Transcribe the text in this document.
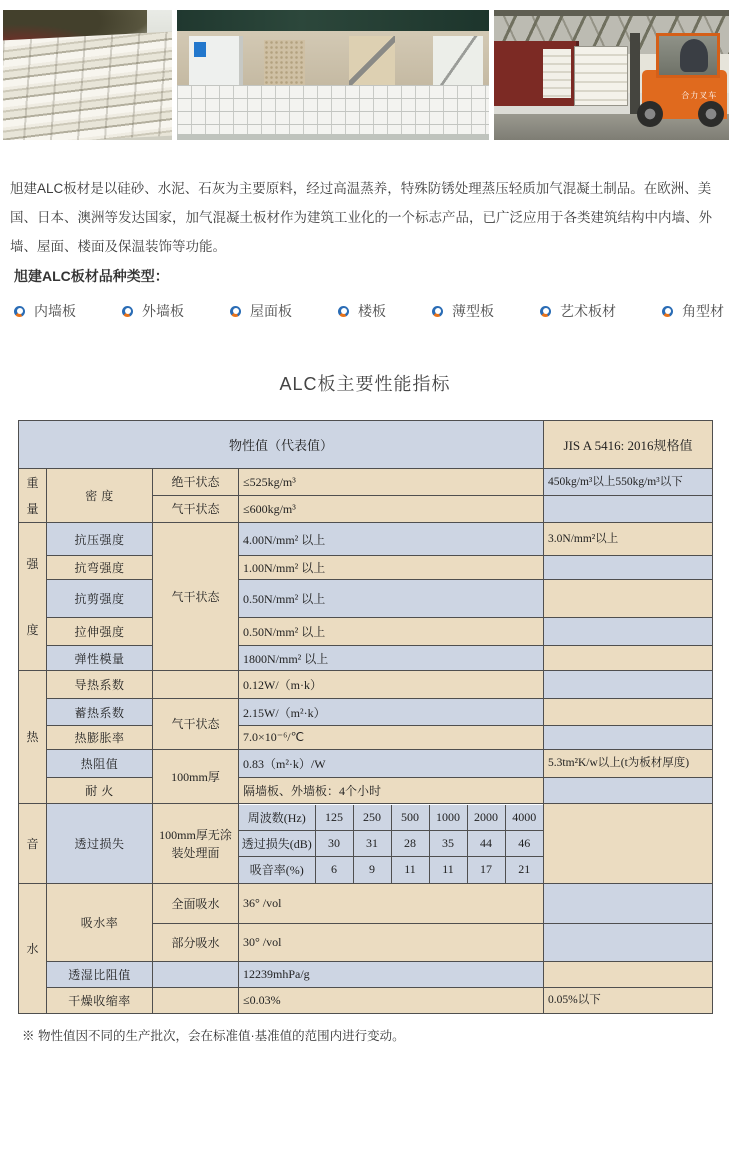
合力叉车

旭建ALC板材是以硅砂、水泥、石灰为主要原料，经过高温蒸养，特殊防锈处理蒸压轻质加气混凝土制品。在欧洲、美国、日本、澳洲等发达国家，加气混凝土板材作为建筑工业化的一个标志产品，已广泛应用于各类建筑结构中内墙、外墙、屋面、楼面及保温装饰等功能。

旭建ALC板材品种类型：
内墙板	外墙板	屋面板	楼板	薄型板	艺术板材	角型材
ALC板主要性能指标
物性值（代表值）	JIS A 5416: 2016规格值
重量	密 度	绝干状态	≤525kg/m³	450kg/m³以上550kg/m³以下
气干状态	≤600kg/m³	
强度	抗压强度	气干状态	4.00N/mm² 以上	3.0N/mm²以上
抗弯强度	1.00N/mm² 以上	
抗剪强度	0.50N/mm² 以上	
拉伸强度	0.50N/mm² 以上	
弹性模量	1800N/mm² 以上	
热	导热系数		0.12W/（m·k）	
蓄热系数	气干状态	2.15W/（m²·k）	
热膨胀率	7.0×10⁻⁶/℃	
热阻值	100mm厚	0.83（m²·k）/W	5.3tm²K/w以上(t为板材厚度)
耐 火	隔墙板、外墙板：4个小时	
音	透过损失	100mm厚无涂装处理面	
周波数(Hz)	125	250	500	1000	2000	4000
透过损失(dB)	30	31	28	35	44	46
吸音率(%)	6	9	11	11	17	21

水	吸水率	全面吸水	36° /vol	
部分吸水	30° /vol	
透湿比阻值		12239mhPa/g	
干燥收缩率		≤0.03%	0.05%以下
※ 物性值因不同的生产批次，会在标准值·基准值的范围内进行变动。
